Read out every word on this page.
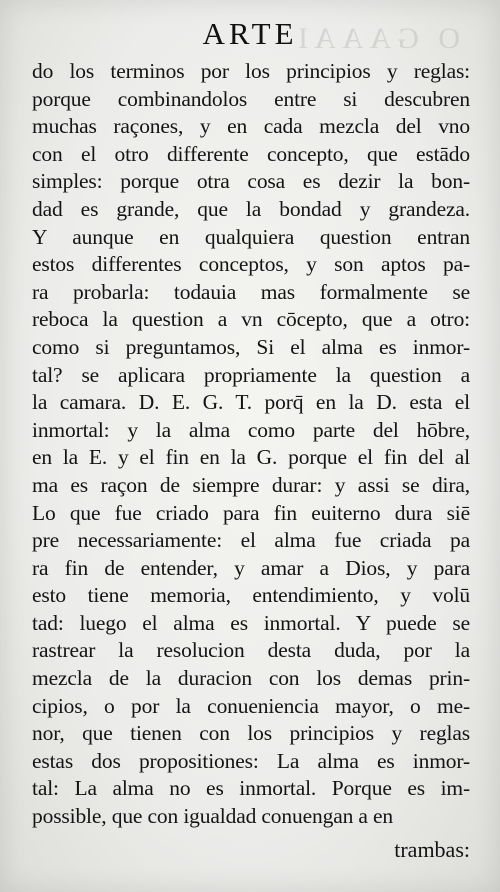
O GAAAI
ARTE
do los terminos por los principios y reglas:
porque combinandolos entre si descubren
muchas raçones, y en cada mezcla del vno
con el otro differente concepto, que estādo
simples: porque otra cosa es dezir la bon-
dad es grande, que la bondad y grandeza.
Y aunque en qualquiera question entran
estos differentes conceptos, y son aptos pa-
ra probarla: todauia mas formalmente se
reboca la question a vn cōcepto, que a otro:
como si preguntamos, Si el alma es inmor-
tal? se aplicara propriamente la question a
la camara. D. E. G. T. porq̄ en la D. esta el
inmortal: y la alma como parte del hōbre,
en la E. y el fin en la G. porque el fin del al
ma es raçon de siempre durar: y assi se dira,
Lo que fue criado para fin euiterno dura siē
pre necessariamente: el alma fue criada pa
ra fin de entender, y amar a Dios, y para
esto tiene memoria, entendimiento, y volū
tad: luego el alma es inmortal. Y puede se
rastrear la resolucion desta duda, por la
mezcla de la duracion con los demas prin-
cipios, o por la conueniencia mayor, o me-
nor, que tienen con los principios y reglas
estas dos propositiones: La alma es inmor-
tal: La alma no es inmortal. Porque es im-
possible, que con igualdad conuengan a en
trambas:
